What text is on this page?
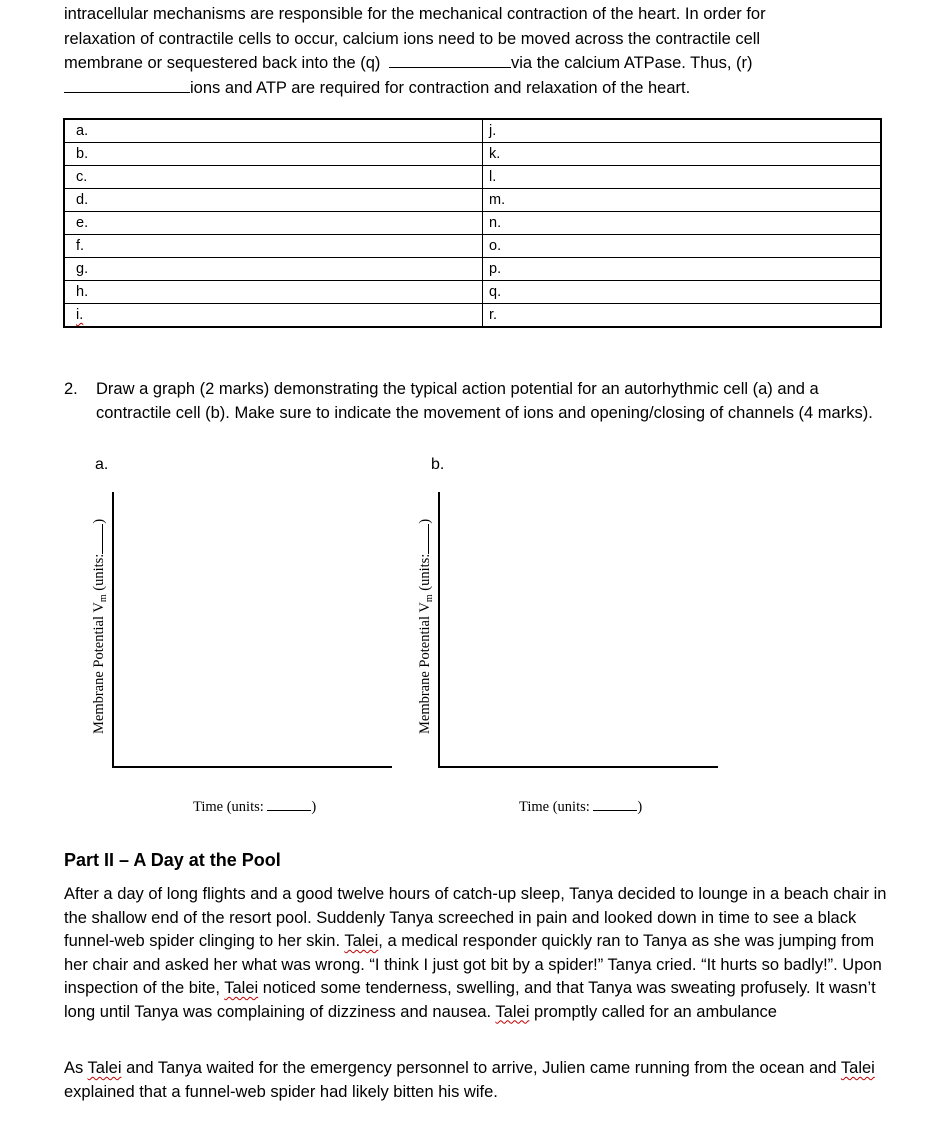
intracellular mechanisms are responsible for the mechanical contraction of the heart. In order for
relaxation of contractile cells to occur, calcium ions need to be moved across the contractile cell
membrane or sequestered back into the (q)	via the calcium ATPase. Thus, (r)
ions and ATP are required for contraction and relaxation of the heart.
a.	j.
b.	k.
c.	l.
d.	m.
e.	n.
f.	o.
g.	p.
h.	q.
i.	r.
2. Draw a graph (2 marks) demonstrating the typical action potential for an autorhythmic cell (a) and a contractile cell (b). Make sure to indicate the movement of ions and opening/closing of channels (4 marks).
a.	b.
Membrane Potential $V_m$ (units:)
Time (units:	)
Membrane Potential $V_m$ (units:)
Time (units:	)
Part II – A Day at the Pool
After a day of long flights and a good twelve hours of catch-up sleep, Tanya decided to lounge in a beach chair in the shallow end of the resort pool. Suddenly Tanya screeched in pain and looked down in time to see a black funnel-web spider clinging to her skin. Talei, a medical responder quickly ran to Tanya as she was jumping from her chair and asked her what was wrong. “I think I just got bit by a spider!” Tanya cried. “It hurts so badly!”. Upon inspection of the bite, Talei noticed some tenderness, swelling, and that Tanya was sweating profusely. It wasn’t long until Tanya was complaining of dizziness and nausea. Talei promptly called for an ambulance
As Talei and Tanya waited for the emergency personnel to arrive, Julien came running from the ocean and Talei explained that a funnel-web spider had likely bitten his wife.
